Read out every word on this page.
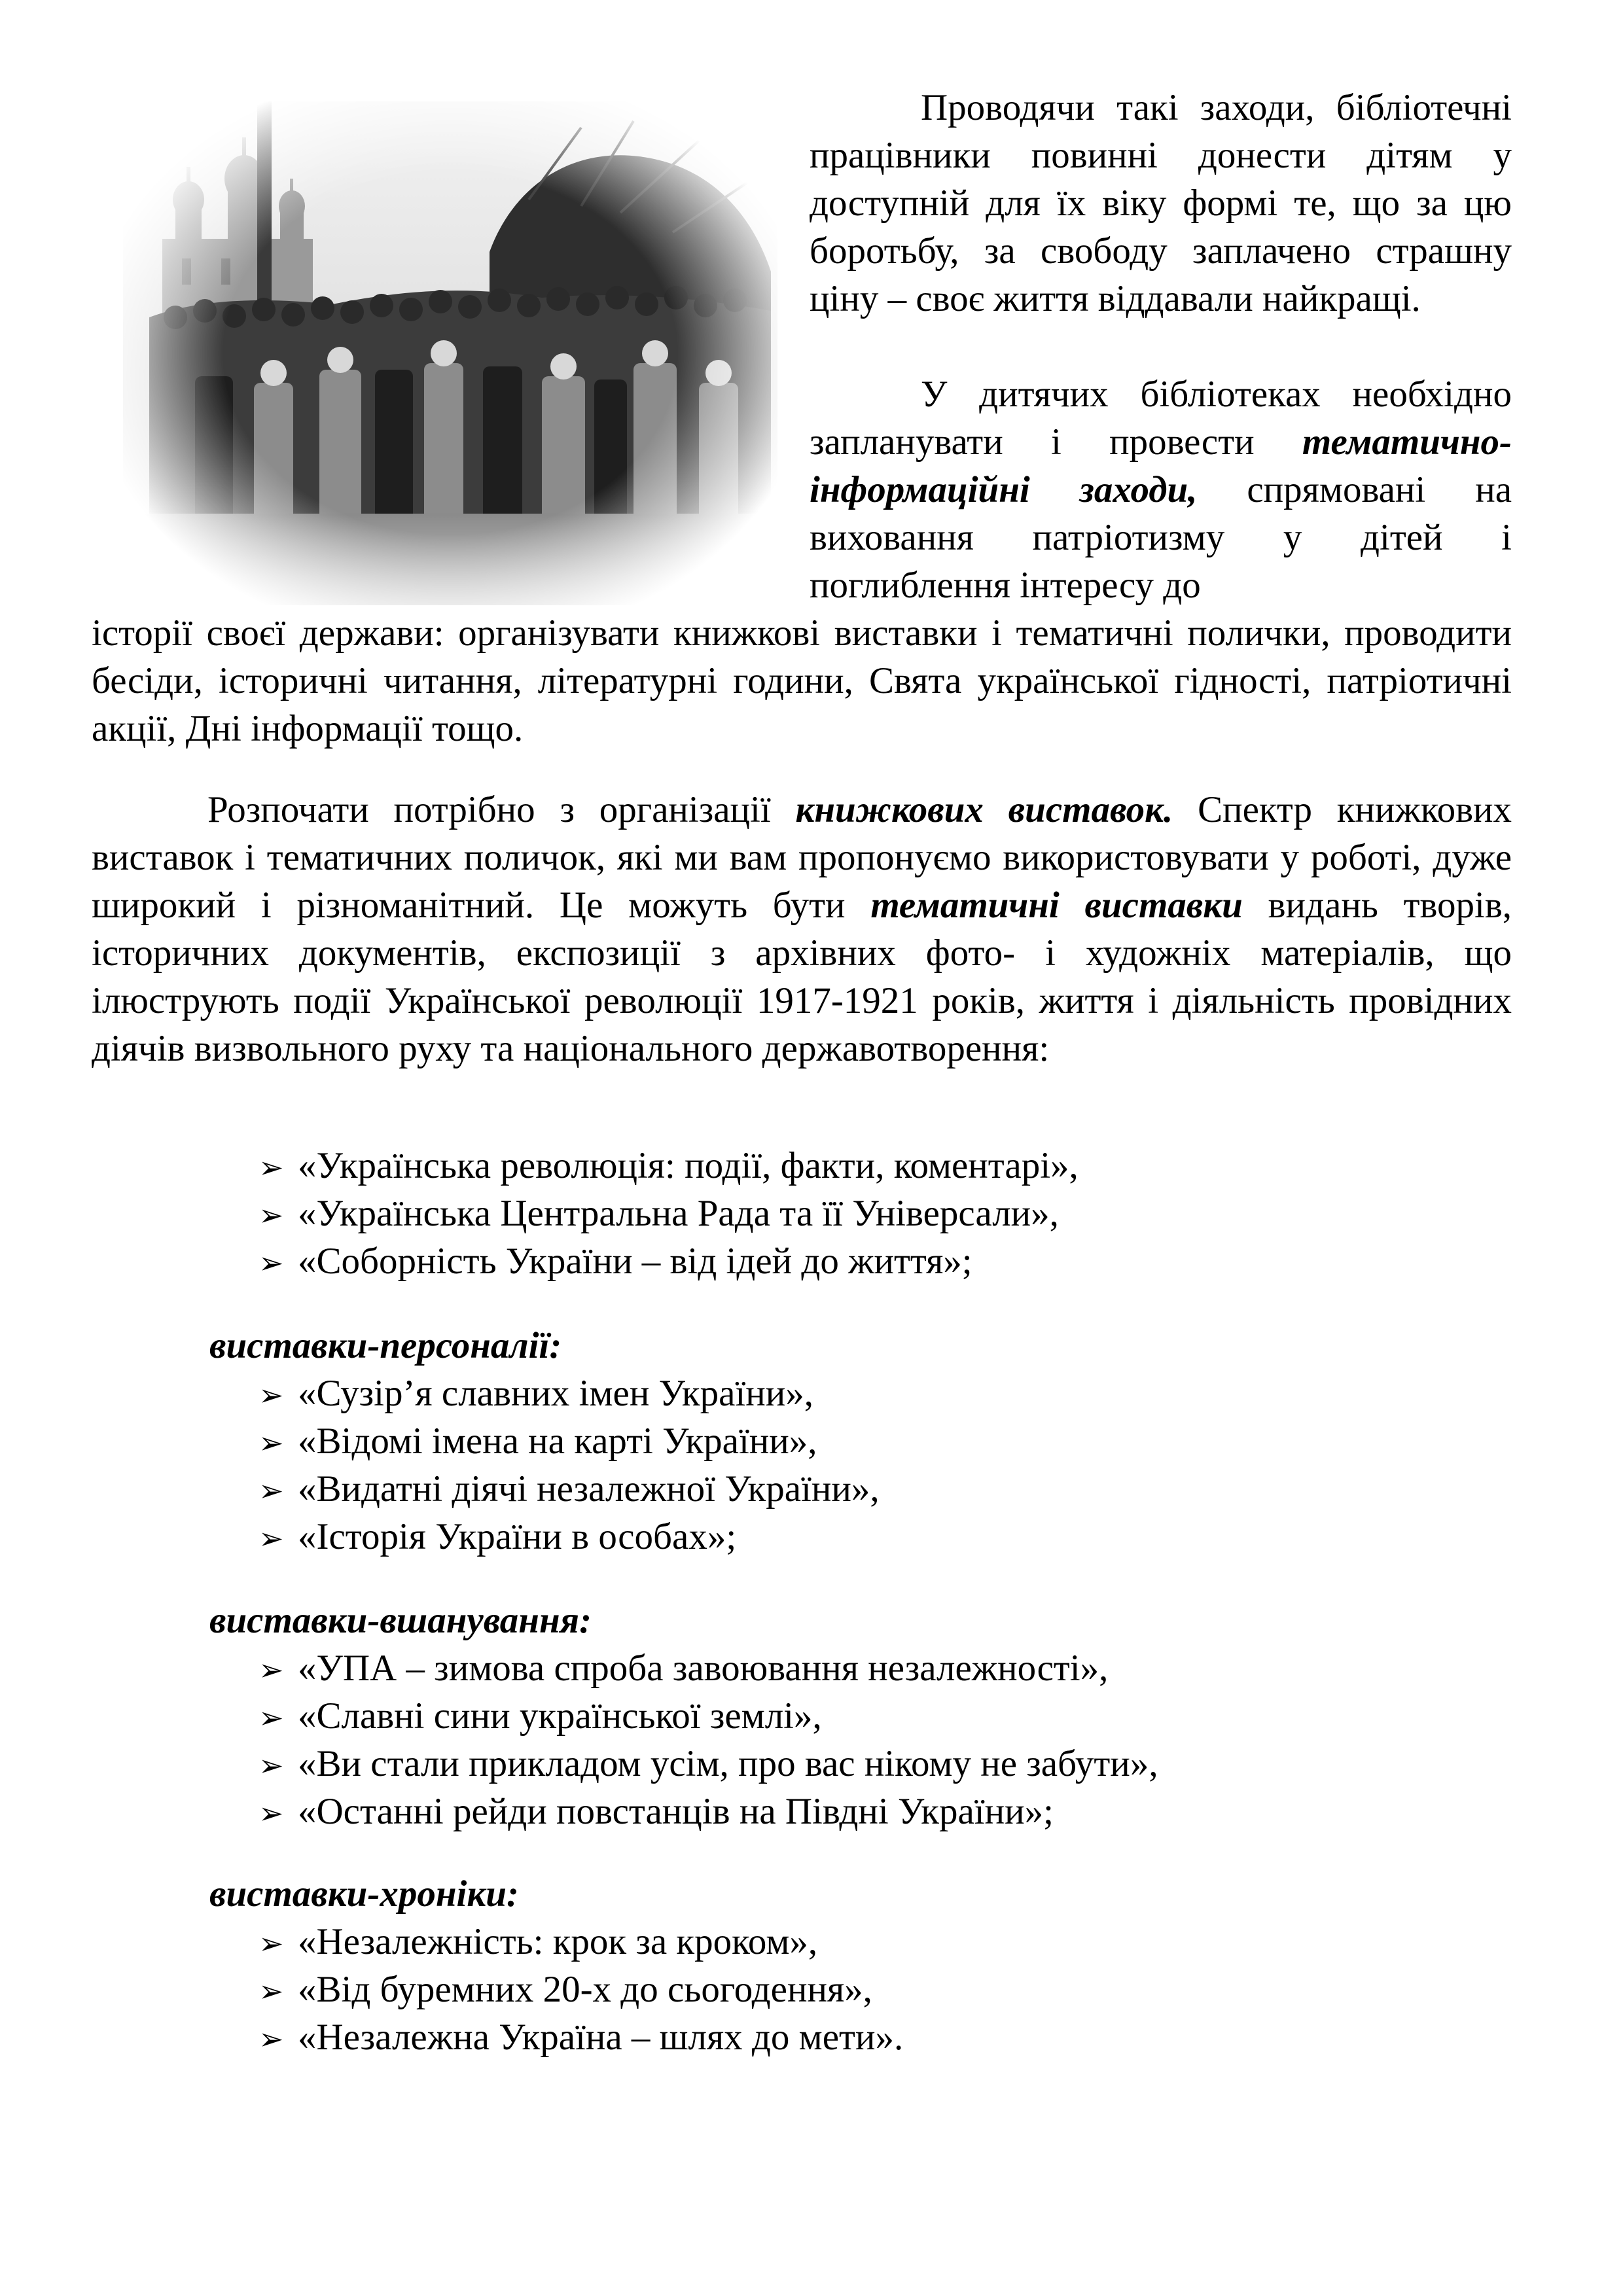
Проводячи такі заходи, бібліотечні працівники повинні донести дітям у доступній для їх віку формі те, що за цю боротьбу, за свободу заплачено страшну ціну – своє життя віддавали найкращі.

У дитячих бібліотеках необхідно запланувати і провести тематично-інформаційні заходи, спрямовані на виховання патріотизму у дітей і поглиблення інтересу до

історії своєї держави: організувати книжкові виставки і тематичні полички, проводити бесіди, історичні читання, літературні години, Свята української гідності, патріотичні акції, Дні інформації тощо.

Розпочати потрібно з організації книжкових виставок. Спектр книжкових виставок і тематичних поличок, які ми вам пропонуємо використовувати у роботі, дуже широкий і різноманітний. Це можуть бути тематичні виставки видань творів, історичних документів, експозиції з архівних фото- і художніх матеріалів, що ілюструють події Української революції 1917-1921 років, життя і діяльність провідних діячів визвольного руху та національного державотворення:

➢ «Українська революція: події, факти, коментарі»,
➢ «Українська Центральна Рада та її Універсали»,
➢ «Соборність України – від ідей до життя»;

виставки-персоналії:

➢ «Сузір’я славних імен України»,
➢ «Відомі імена на карті України»,
➢ «Видатні діячі незалежної України»,
➢ «Історія України в особах»;

виставки-вшанування:

➢ «УПА – зимова спроба завоювання незалежності»,
➢ «Славні сини української землі»,
➢ «Ви стали прикладом усім, про вас нікому не забути»,
➢ «Останні рейди повстанців на Півдні України»;

виставки-хроніки:

➢ «Незалежність: крок за кроком»,
➢ «Від буремних 20-х до сьогодення»,
➢ «Незалежна Україна – шлях до мети».
